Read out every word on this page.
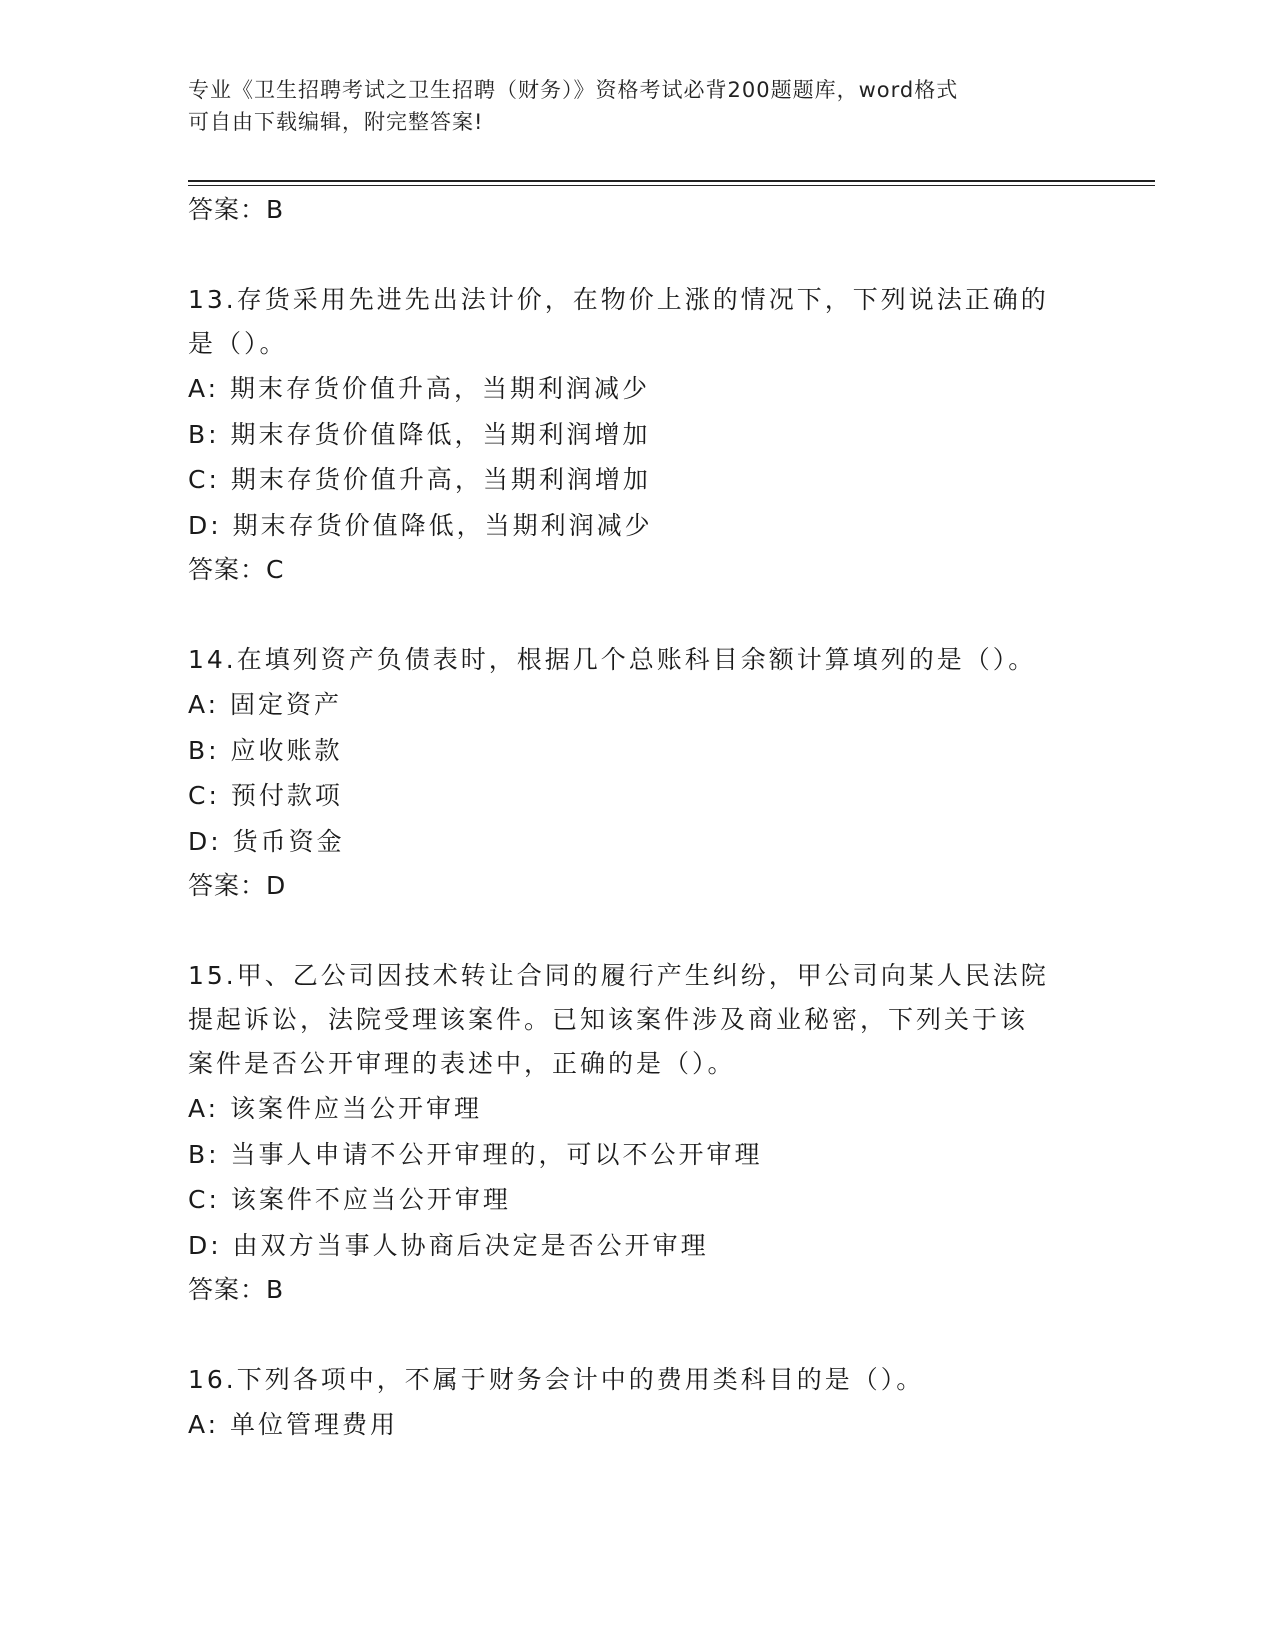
专业《卫生招聘考试之卫生招聘（财务）》资格考试必背200题题库，word格式
可自由下载编辑，附完整答案!
答案：B
13.存货采用先进先出法计价，在物价上涨的情况下，下列说法正确的
是（）。
A: 期末存货价值升高，当期利润减少
B: 期末存货价值降低，当期利润增加
C: 期末存货价值升高，当期利润增加
D: 期末存货价值降低，当期利润减少
答案：C
14.在填列资产负债表时，根据几个总账科目余额计算填列的是（）。
A: 固定资产
B: 应收账款
C: 预付款项
D: 货币资金
答案：D
15.甲、乙公司因技术转让合同的履行产生纠纷，甲公司向某人民法院
提起诉讼，法院受理该案件。已知该案件涉及商业秘密，下列关于该
案件是否公开审理的表述中，正确的是（）。
A: 该案件应当公开审理
B: 当事人申请不公开审理的，可以不公开审理
C: 该案件不应当公开审理
D: 由双方当事人协商后决定是否公开审理
答案：B
16.下列各项中，不属于财务会计中的费用类科目的是（）。
A: 单位管理费用
